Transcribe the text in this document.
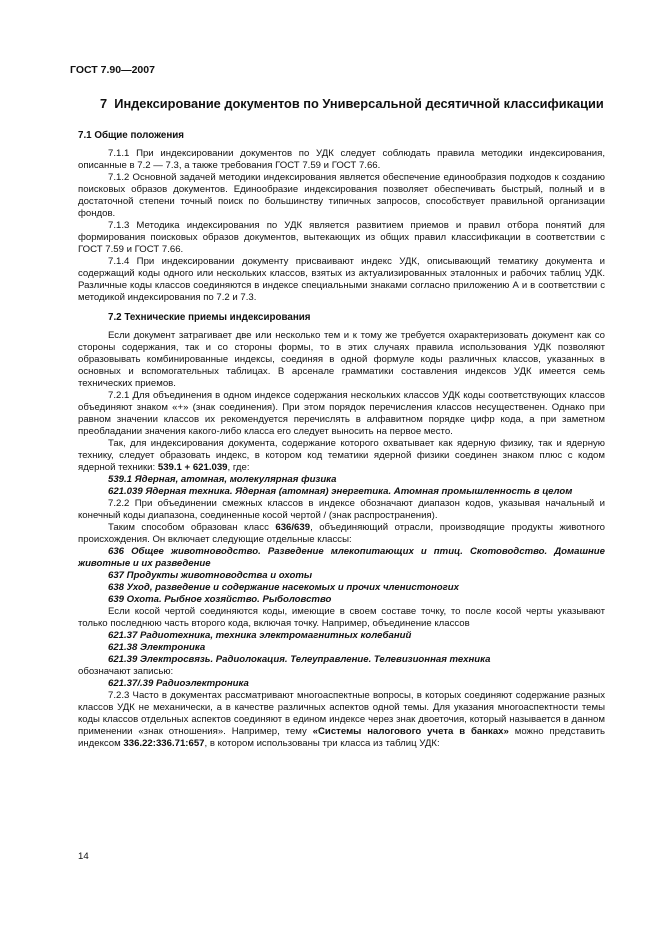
ГОСТ 7.90—2007
7 Индексирование документов по Универсальной десятичной классификации

7.1 Общие положения

7.1.1 При индексировании документов по УДК следует соблюдать правила методики индексирования, описанные в 7.2 — 7.3, а также требования ГОСТ 7.59 и ГОСТ 7.66.

7.1.2 Основной задачей методики индексирования является обеспечение единообразия подходов к созданию поисковых образов документов. Единообразие индексирования позволяет обеспечивать быстрый, полный и в достаточной степени точный поиск по большинству типичных запросов, способствует правильной организации фондов.

7.1.3 Методика индексирования по УДК является развитием приемов и правил отбора понятий для формирования поисковых образов документов, вытекающих из общих правил классификации в соответствии с ГОСТ 7.59 и ГОСТ 7.66.

7.1.4 При индексировании документу присваивают индекс УДК, описывающий тематику документа и содержащий коды одного или нескольких классов, взятых из актуализированных эталонных и рабочих таблиц УДК. Различные коды классов соединяются в индексе специальными знаками согласно приложению А и в соответствии с методикой индексирования по 7.2 и 7.3.

7.2 Технические приемы индексирования

Если документ затрагивает две или несколько тем и к тому же требуется охарактеризовать документ как со стороны содержания, так и со стороны формы, то в этих случаях правила использования УДК позволяют образовывать комбинированные индексы, соединяя в одной формуле коды различных классов, указанных в основных и вспомогательных таблицах. В арсенале грамматики составления индексов УДК имеется семь технических приемов.

7.2.1 Для объединения в одном индексе содержания нескольких классов УДК коды соответствующих классов объединяют знаком «+» (знак соединения). При этом порядок перечисления классов несущественен. Однако при равном значении классов их рекомендуется перечислять в алфавитном порядке цифр кода, а при заметном преобладании значения какого-либо класса его следует выносить на первое место.

Так, для индексирования документа, содержание которого охватывает как ядерную физику, так и ядерную технику, следует образовать индекс, в котором код тематики ядерной физики соединен знаком плюс с кодом ядерной техники: 539.1 + 621.039, где:

539.1 Ядерная, атомная, молекулярная физика

621.039 Ядерная техника. Ядерная (атомная) энергетика. Атомная промышленность в целом

7.2.2 При объединении смежных классов в индексе обозначают диапазон кодов, указывая начальный и конечный коды диапазона, соединенные косой чертой / (знак распространения).

Таким способом образован класс 636/639, объединяющий отрасли, производящие продукты животного происхождения. Он включает следующие отдельные классы:

636 Общее животноводство. Разведение млекопитающих и птиц. Скотоводство. Домашние животные и их разведение

637 Продукты животноводства и охоты

638 Уход, разведение и содержание насекомых и прочих членистоногих

639 Охота. Рыбное хозяйство. Рыболовство

Если косой чертой соединяются коды, имеющие в своем составе точку, то после косой черты указывают только последнюю часть второго кода, включая точку. Например, объединение классов

621.37 Радиотехника, техника электромагнитных колебаний

621.38 Электроника

621.39 Электросвязь. Радиолокация. Телеуправление. Телевизионная техника

обозначают записью:

621.37/.39 Радиоэлектроника

7.2.3 Часто в документах рассматривают многоаспектные вопросы, в которых соединяют содержание разных классов УДК не механически, а в качестве различных аспектов одной темы. Для указания многоаспектности темы коды классов отдельных аспектов соединяют в едином индексе через знак двоеточия, который называется в данном применении «знак отношения». Например, тему «Системы налогового учета в банках» можно представить индексом 336.22:336.71:657, в котором использованы три класса из таблиц УДК:

14
